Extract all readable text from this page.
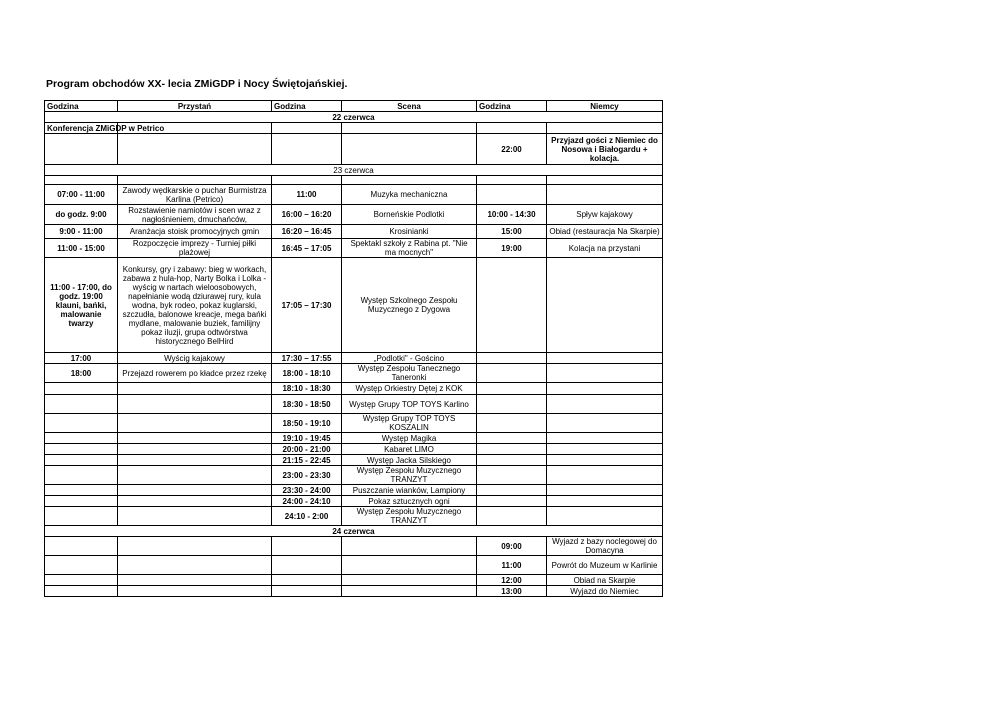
Program obchodów XX- lecia ZMiGDP i Nocy Świętojańskiej.
Godzina	Przystań	Godzina	Scena	Godzina	Niemcy
22 czerwca					
Konferencja ZMiGDP w Petrico					
				22:00	Przyjazd gości z Niemiec do Nosowa i Białogardu + kolacja.
23 czerwca					

07:00 - 11:00	Zawody wędkarskie o puchar Burmistrza Karlina (Petrico)	11:00	Muzyka mechaniczna		
do godz. 9:00	Rozstawienie namiotów i scen wraz z nagłośnieniem, dmuchańców,	16:00 – 16:20	Borneńskie Podlotki	10:00 - 14:30	Spływ kajakowy
9:00 - 11:00	Aranżacja stoisk promocyjnych gmin	16:20 – 16:45	Krosinianki	15:00	Obiad (restauracja Na Skarpie)
11:00 - 15:00	Rozpoczęcie imprezy - Turniej piłki plażowej	16:45 – 17:05	Spektakl szkoły z Rabina pt. "Nie ma mocnych"	19:00	Kolacja na przystani
11:00 - 17:00, do godz. 19:00 klauni, bańki, malowanie twarzy	Konkursy, gry i zabawy: bieg w workach, zabawa z hula-hop, Narty Bolka i Lolka - wyścig w nartach wieloosobowych, napełnianie wodą dziurawej rury, kula wodna, byk rodeo, pokaz kuglarski, szczudła, balonowe kreacje, mega bańki mydlane, malowanie buziek, familijny pokaz iluzji, grupa odtwórstwa historycznego BelHird	17:05 – 17:30	Występ Szkolnego Zespołu Muzycznego z Dygowa		
17:00	Wyścig kajakowy	17:30 – 17:55	„Podlotki" - Gościno		
18:00	Przejazd rowerem po kładce przez rzekę	18:00 - 18:10	Występ Zespołu Tanecznego Taneronki		
		18:10 - 18:30	Występ Orkiestry Dętej z KOK		
		18:30 - 18:50	Występ Grupy TOP TOYS Karlino		
		18:50 - 19:10	Występ Grupy TOP TOYS KOSZALIN		
		19:10 - 19:45	Występ Magika		
		20:00 - 21:00	Kabaret LIMO		
		21:15 - 22:45	Występ Jacka Silskiego		
		23:00 - 23:30	Występ Zespołu Muzycznego TRANZYT		
		23:30 - 24:00	Puszczanie wianków, Lampiony		
		24:00 - 24:10	Pokaz sztucznych ogni		
		24:10 - 2:00	Występ Zespołu Muzycznego TRANZYT		
24 czerwca					
				09:00	Wyjazd z bazy noclegowej do Domacyna
				11:00	Powrót do Muzeum w Karlinie
				12:00	Obiad na Skarpie
				13:00	Wyjazd do Niemiec
